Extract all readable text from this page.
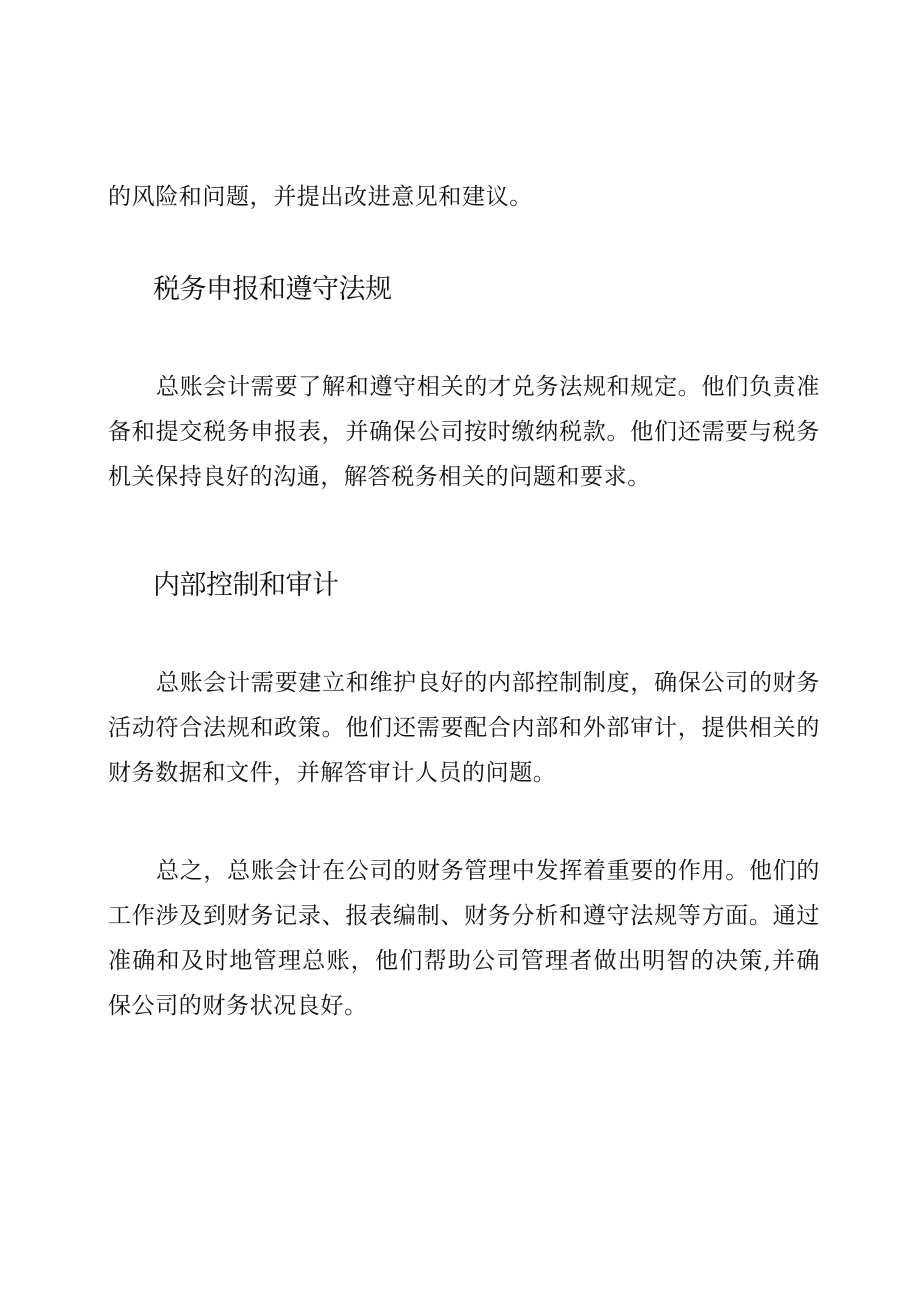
的风险和问题，并提出改进意见和建议。

税务申报和遵守法规

总账会计需要了解和遵守相关的才兑务法规和规定。他们负责准备和提交税务申报表，并确保公司按时缴纳税款。他们还需要与税务机关保持良好的沟通，解答税务相关的问题和要求。

内部控制和审计

总账会计需要建立和维护良好的内部控制制度，确保公司的财务活动符合法规和政策。他们还需要配合内部和外部审计，提供相关的财务数据和文件，并解答审计人员的问题。

总之，总账会计在公司的财务管理中发挥着重要的作用。他们的工作涉及到财务记录、报表编制、财务分析和遵守法规等方面。通过准确和及时地管理总账，他们帮助公司管理者做出明智的决策,并确保公司的财务状况良好。
